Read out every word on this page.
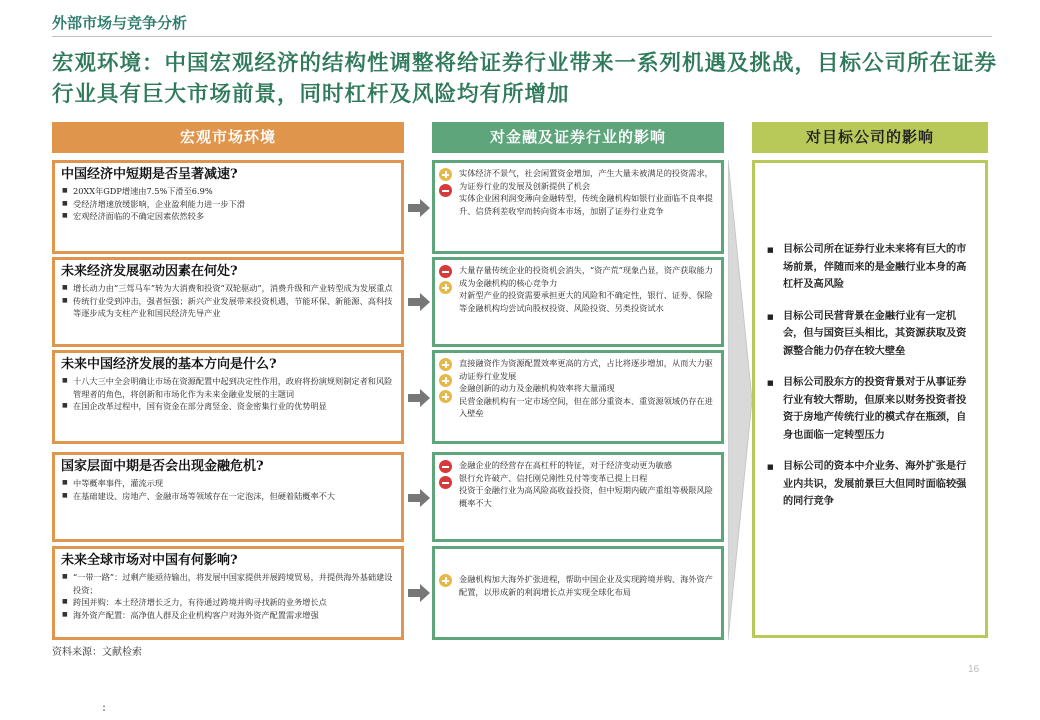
外部市场与竞争分析
宏观环境：中国宏观经济的结构性调整将给证券行业带来一系列机遇及挑战，目标公司所在证券行业具有巨大市场前景，同时杠杆及风险均有所增加
宏观市场环境	对金融及证券行业的影响	对目标公司的影响
中国经济中短期是否呈著减速?
■ 20XX年GDP增速由7.5%下滑至6.9%
■ 受经济增速放缓影响，企业盈利能力进一步下滑
■ 宏观经济面临的不确定因素依然较多
未来经济发展驱动因素在何处?
■ 增长动力由“三驾马车”转为大消费和投资“双轮驱动”，消费升级和产业转型成为发展重点
■ 传统行业受到冲击，强者恒强；新兴产业发展带来投资机遇，节能环保、新能源、高科技等逐步成为支柱产业和国民经济先导产业
未来中国经济发展的基本方向是什么?
■ 十八大三中全会明确让市场在资源配置中起到决定性作用，政府将扮演规则制定者和风险管理者的角色，将创新和市场化作为未来金融业发展的主题词
■ 在国企改革过程中，国有资金在部分离竖金、资金密集行业的优势明显
国家层面中期是否会出现金融危机?
■ 中等概率事件，灌流示现
■ 在基础建设、房地产、金融市场等领域存在一定泡沫，但硬着陆概率不大
未来全球市场对中国有何影响?
■ “一带一路”：过剩产能亟待输出，将发展中国家提供并展跨境贸易，并提供海外基础建设投资；
■ 跨国并购：本土经济增长乏力，有待通过跨境并购寻找新的业务增长点
■ 海外资产配置：高净值人群及企业机构客户对海外资产配置需求增强
实体经济不景气，社会闲置资金增加，产生大量未被满足的投资需求，为证券行业的发展及创新提供了机会
实体企业困利润变薄向金融转型，传统金融机构如银行业面临不良率提升、信贷利差收窄而转向资本市场，加剧了证券行业竞争
大量存量传统企业的投资机会消失，“资产荒”现象凸显，资产获取能力成为金融机构的核心竞争力
对新型产业的投资需要承担更大的风险和不确定性，银行、证券、保险等金融机构均尝试向股权投资、风险投资、另类投资试水
直接融资作为资源配置效率更高的方式，占比将逐步增加，从而大力驱动证券行业发展
金融创新的动力及金融机构效率将大量涌现
民营金融机构有一定市场空间，但在部分重资本、重资源领域仍存在进入壁垒
金融企业的经营存在高杠杆的特征，对于经济变动更为敏感
银行允许破产、信托刚兑刚性兑付等变革已提上日程
投资于金融行业为高风险高收益投资，但中短期内破产重组等极限风险概率不大
金融机构加大海外扩张进程，帮助中国企业及实现跨境并购、海外资产配置，以形成新的利润增长点并实现全球化布局
■ 目标公司所在证券行业未来将有巨大的市场前景，伴随而来的是金融行业本身的高杠杆及高风险
■ 目标公司民营背景在金融行业有一定机会，但与国资巨头相比，其资源获取及资源整合能力仍存在较大壁垒
■ 目标公司股东方的投资背景对于从事证券行业有较大帮助，但原来以财务投资者投资于房地产传统行业的模式存在瓶颈，自身也面临一定转型压力
■ 目标公司的资本中介业务、海外扩张是行业内共识，发展前景巨大但同时面临较强的同行竞争
资料来源：文献检索
16
:
